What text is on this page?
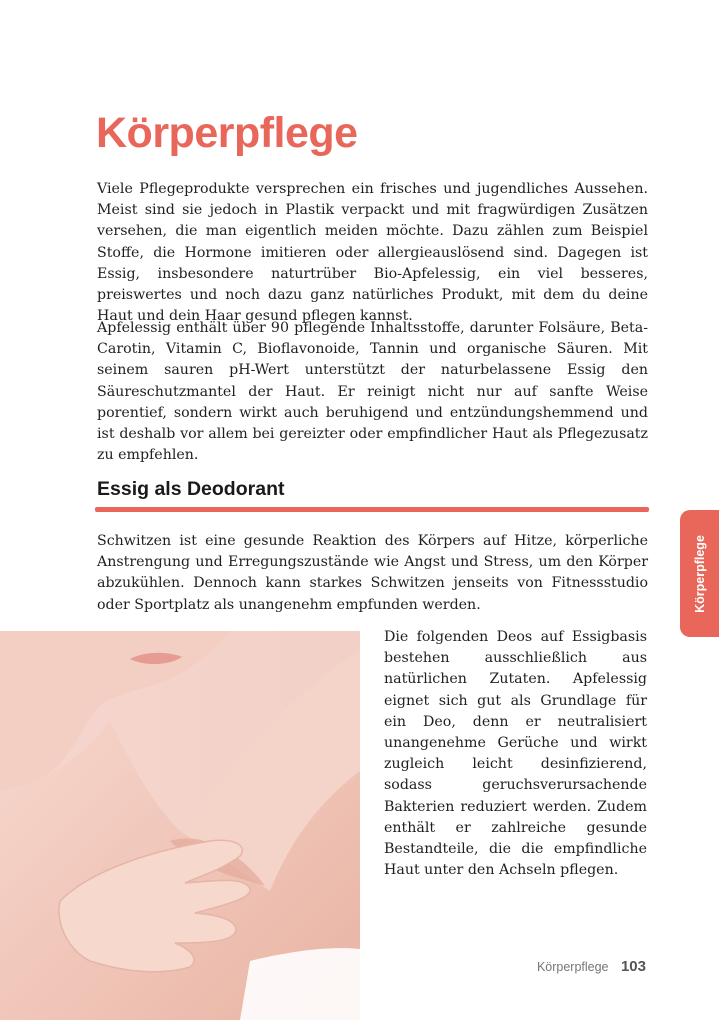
Körperpflege

Viele Pflegeprodukte versprechen ein frisches und jugendliches Aussehen. Meist sind sie jedoch in Plastik verpackt und mit fragwürdigen Zusätzen versehen, die man eigentlich meiden möchte. Dazu zählen zum Beispiel Stoffe, die Hormone imitieren oder allergieauslösend sind. Dagegen ist Essig, insbesondere naturtrüber Bio-Apfelessig, ein viel besseres, preiswertes und noch dazu ganz natürliches Produkt, mit dem du deine Haut und dein Haar gesund pflegen kannst.

Apfelessig enthält über 90 pflegende Inhaltsstoffe, darunter Folsäure, Beta-Carotin, Vitamin C, Bioflavonoide, Tannin und organische Säuren. Mit seinem sauren pH-Wert unterstützt der naturbelassene Essig den Säureschutzmantel der Haut. Er reinigt nicht nur auf sanfte Weise porentief, sondern wirkt auch beruhigend und entzündungshemmend und ist deshalb vor allem bei gereizter oder empfindlicher Haut als Pflegezusatz zu empfehlen.

Essig als Deodorant

Schwitzen ist eine gesunde Reaktion des Körpers auf Hitze, körperliche Anstrengung und Erregungszustände wie Angst und Stress, um den Körper abzukühlen. Dennoch kann starkes Schwitzen jenseits von Fitnessstudio oder Sportplatz als unangenehm empfunden werden.

Die folgenden Deos auf Essigbasis bestehen ausschließlich aus natürlichen Zutaten. Apfelessig eignet sich gut als Grundlage für ein Deo, denn er neutralisiert unangenehme Gerüche und wirkt zugleich leicht desinfizierend, sodass geruchsverursachende Bakterien reduziert werden. Zudem enthält er zahlreiche gesunde Bestandteile, die die empfindliche Haut unter den Achseln pflegen.

Körperpflege
Körperpflege 103
